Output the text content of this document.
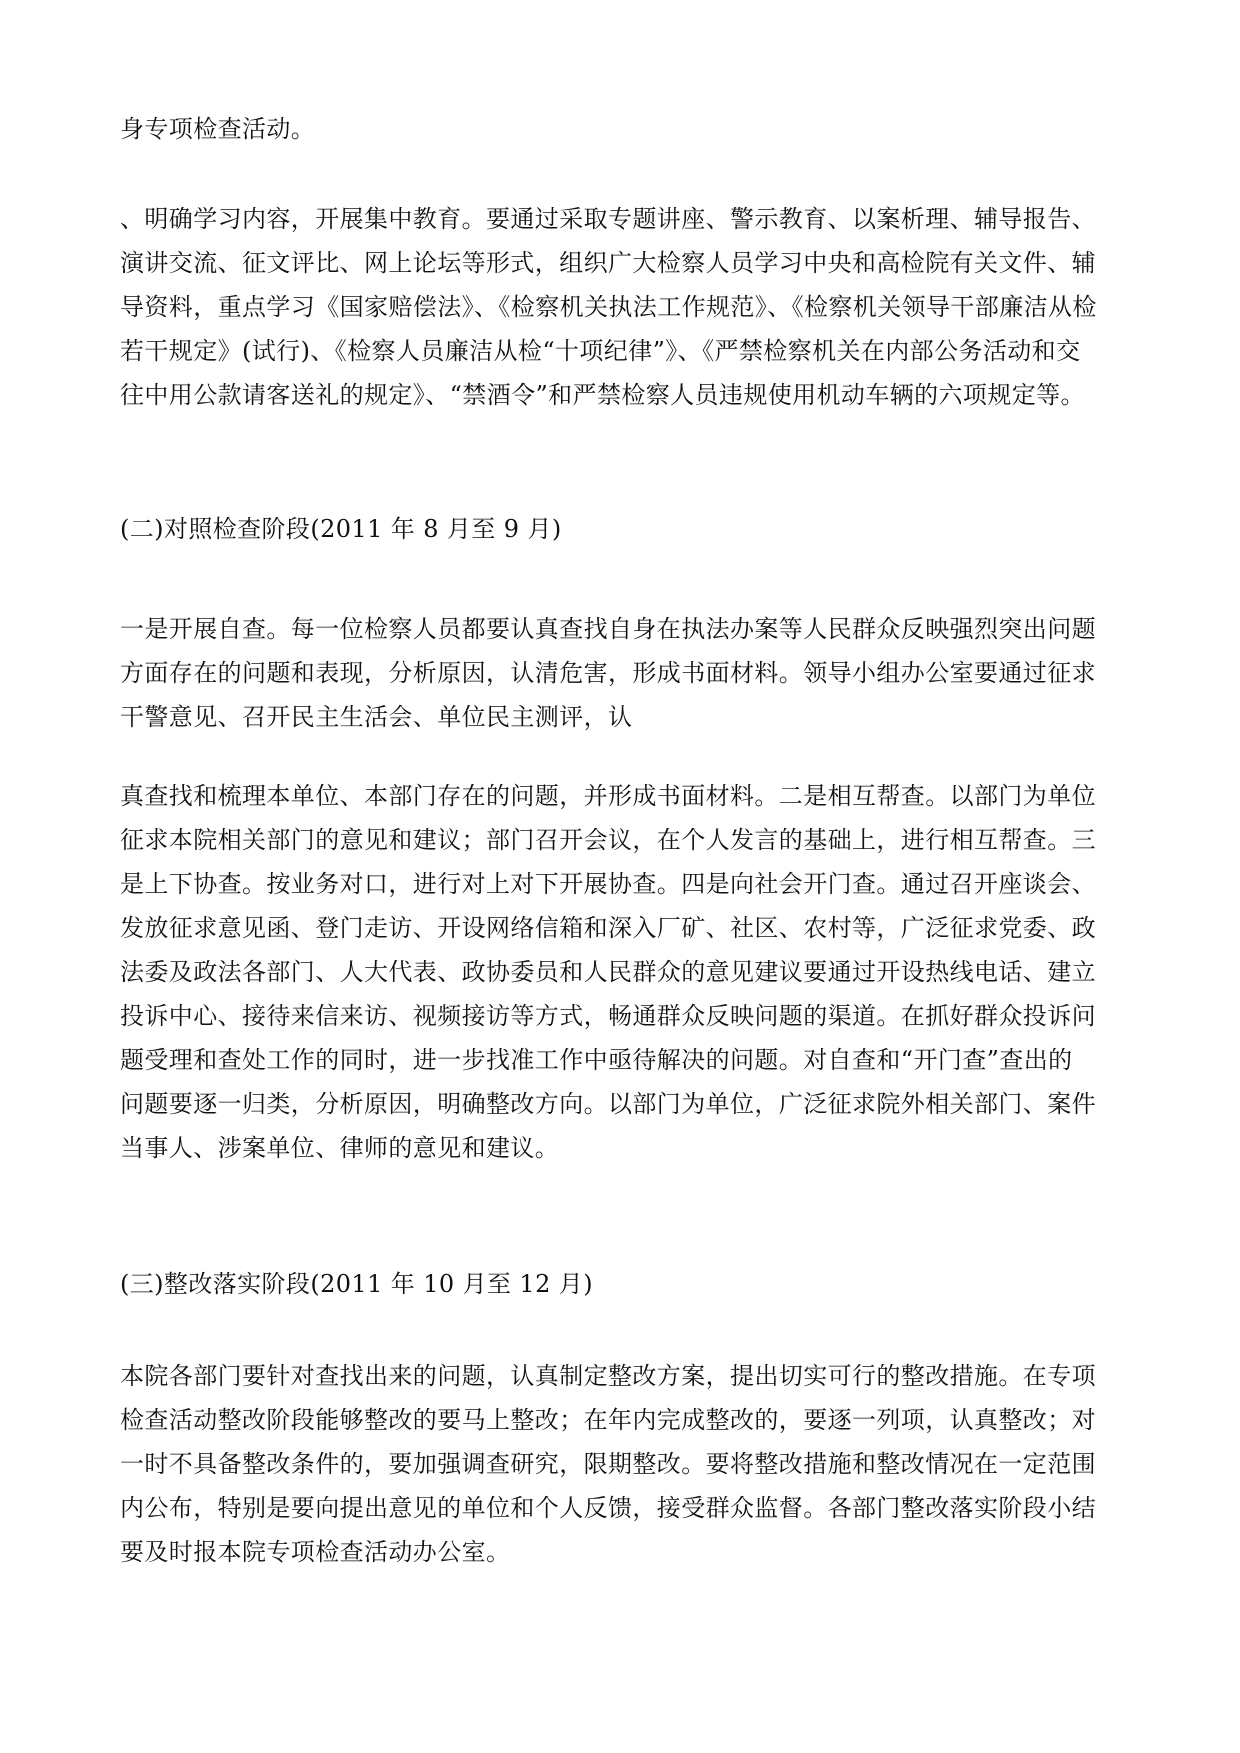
身专项检查活动。

、明确学习内容，开展集中教育。要通过采取专题讲座、警示教育、以案析理、辅导报告、
演讲交流、征文评比、网上论坛等形式，组织广大检察人员学习中央和高检院有关文件、辅
导资料，重点学习《国家赔偿法》、《检察机关执法工作规范》、《检察机关领导干部廉洁从检
若干规定》(试行)、《检察人员廉洁从检“十项纪律”》、《严禁检察机关在内部公务活动和交
往中用公款请客送礼的规定》、“禁酒令”和严禁检察人员违规使用机动车辆的六项规定等。

(二)对照检查阶段(2011 年 8 月至 9 月)

一是开展自查。每一位检察人员都要认真查找自身在执法办案等人民群众反映强烈突出问题
方面存在的问题和表现，分析原因，认清危害，形成书面材料。领导小组办公室要通过征求
干警意见、召开民主生活会、单位民主测评，认

真查找和梳理本单位、本部门存在的问题，并形成书面材料。二是相互帮查。以部门为单位
征求本院相关部门的意见和建议；部门召开会议，在个人发言的基础上，进行相互帮查。三
是上下协查。按业务对口，进行对上对下开展协查。四是向社会开门查。通过召开座谈会、
发放征求意见函、登门走访、开设网络信箱和深入厂矿、社区、农村等，广泛征求党委、政
法委及政法各部门、人大代表、政协委员和人民群众的意见建议要通过开设热线电话、建立
投诉中心、接待来信来访、视频接访等方式，畅通群众反映问题的渠道。在抓好群众投诉问
题受理和查处工作的同时，进一步找准工作中亟待解决的问题。对自查和“开门查”查出的
问题要逐一归类，分析原因，明确整改方向。以部门为单位，广泛征求院外相关部门、案件
当事人、涉案单位、律师的意见和建议。

(三)整改落实阶段(2011 年 10 月至 12 月)

本院各部门要针对查找出来的问题，认真制定整改方案，提出切实可行的整改措施。在专项
检查活动整改阶段能够整改的要马上整改；在年内完成整改的，要逐一列项，认真整改；对
一时不具备整改条件的，要加强调查研究，限期整改。要将整改措施和整改情况在一定范围
内公布，特别是要向提出意见的单位和个人反馈，接受群众监督。各部门整改落实阶段小结
要及时报本院专项检查活动办公室。
